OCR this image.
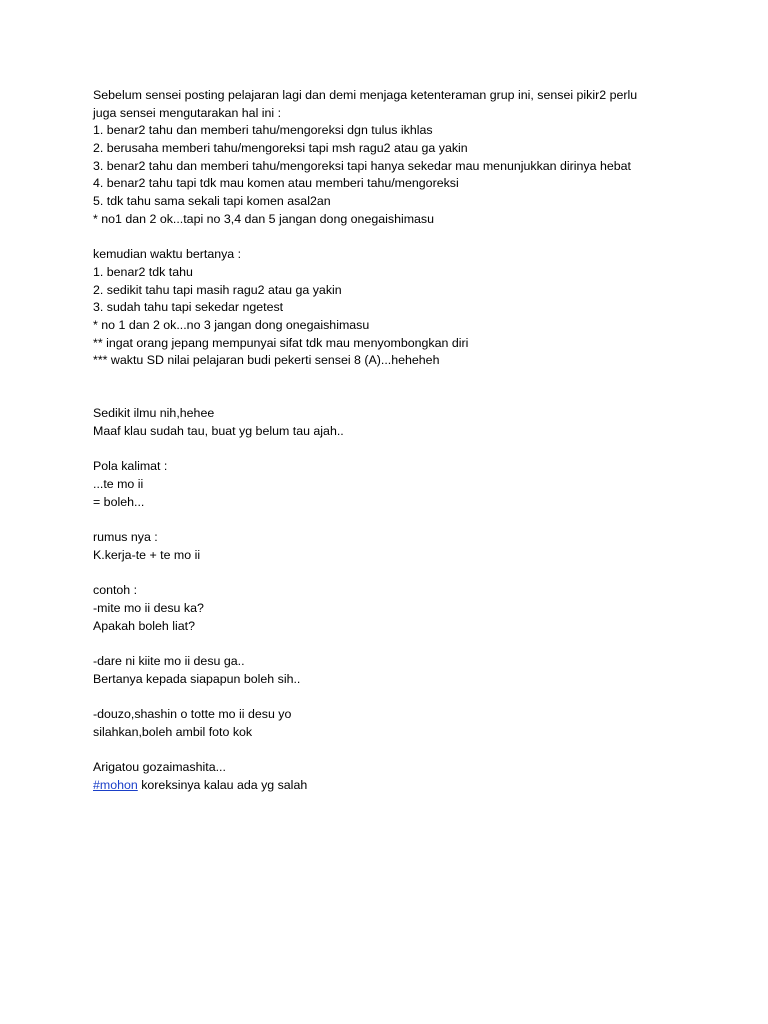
Sebelum sensei posting pelajaran lagi dan demi menjaga ketenteraman grup ini, sensei pikir2 perlu
juga sensei mengutarakan hal ini :
1. benar2 tahu dan memberi tahu/mengoreksi dgn tulus ikhlas
2. berusaha memberi tahu/mengoreksi tapi msh ragu2 atau ga yakin
3. benar2 tahu dan memberi tahu/mengoreksi tapi hanya sekedar mau menunjukkan dirinya hebat
4. benar2 tahu tapi tdk mau komen atau memberi tahu/mengoreksi
5. tdk tahu sama sekali tapi komen asal2an
* no1 dan 2 ok...tapi no 3,4 dan 5 jangan dong onegaishimasu
kemudian waktu bertanya :
1. benar2 tdk tahu
2. sedikit tahu tapi masih ragu2 atau ga yakin
3. sudah tahu tapi sekedar ngetest
* no 1 dan 2 ok...no 3 jangan dong onegaishimasu
** ingat orang jepang mempunyai sifat tdk mau menyombongkan diri
*** waktu SD nilai pelajaran budi pekerti sensei 8 (A)...heheheh
Sedikit ilmu nih,hehee
Maaf klau sudah tau, buat yg belum tau ajah..
Pola kalimat :
...te mo ii
= boleh...
rumus nya :
K.kerja-te + te mo ii
contoh :
-mite mo ii desu ka?
Apakah boleh liat?
-dare ni kiite mo ii desu ga..
Bertanya kepada siapapun boleh sih..
-douzo,shashin o totte mo ii desu yo
silahkan,boleh ambil foto kok
Arigatou gozaimashita...
#mohon koreksinya kalau ada yg salah
